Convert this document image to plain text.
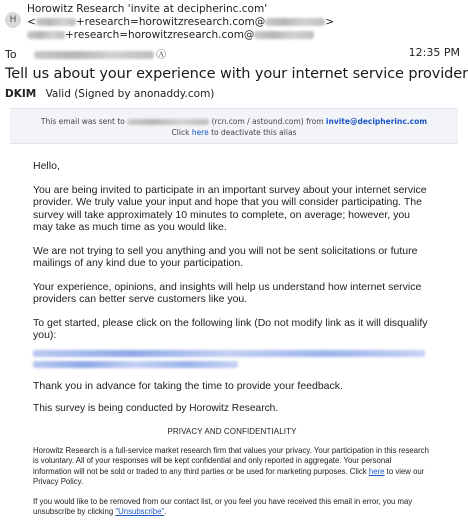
H
Horowitz Research 'invite at decipherinc.com'
<	+research=horowitzresearch.com@	>
+research=horowitzresearch.com@
To	Ⓐ	12:35 PM
Tell us about your experience with your internet service provider
DKIM Valid (Signed by anonaddy.com)
This email was sent to	(rcn.com / astound.com) from invite@decipherinc.com
Click here to deactivate this alias
Hello,
You are being invited to participate in an important survey about your internet service provider. We truly value your input and hope that you will consider participating. The survey will take approximately 10 minutes to complete, on average; however, you may take as much time as you would like.
We are not trying to sell you anything and you will not be sent solicitations or future mailings of any kind due to your participation.
Your experience, opinions, and insights will help us understand how internet service providers can better serve customers like you.
To get started, please click on the following link (Do not modify link as it will disqualify you):
Thank you in advance for taking the time to provide your feedback.
This survey is being conducted by Horowitz Research.
PRIVACY AND CONFIDENTIALITY
Horowitz Research is a full-service market research firm that values your privacy. Your participation in this research is voluntary. All of your responses will be kept confidential and only reported in aggregate. Your personal information will not be sold or traded to any third parties or be used for marketing purposes. Click here to view our Privacy Policy.
If you would like to be removed from our contact list, or you feel you have received this email in error, you may unsubscribe by clicking "Unsubscribe".
